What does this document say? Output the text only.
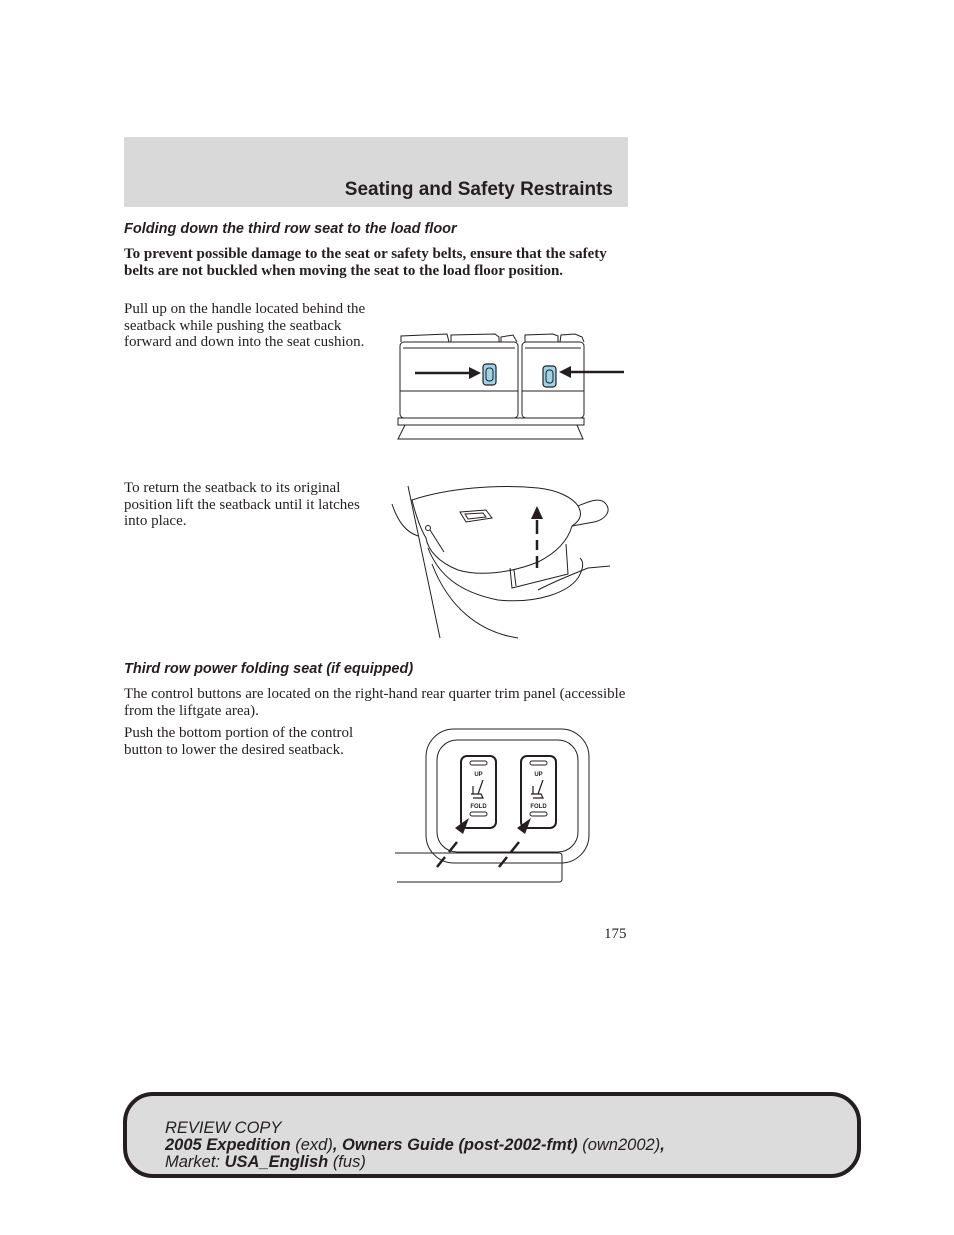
Seating and Safety Restraints
Folding down the third row seat to the load floor

To prevent possible damage to the seat or safety belts, ensure that the safety belts are not buckled when moving the seat to the load floor position.

Pull up on the handle located behind the seatback while pushing the seatback forward and down into the seat cushion.

To return the seatback to its original position lift the seatback until it latches into place.

Third row power folding seat (if equipped)

The control buttons are located on the right-hand rear quarter trim panel (accessible from the liftgate area).

Push the bottom portion of the control button to lower the desired seatback.

UP
FOLD
UP
FOLD
175
REVIEW COPY
2005 Expedition (exd), Owners Guide (post-2002-fmt) (own2002),
Market: USA_English (fus)
